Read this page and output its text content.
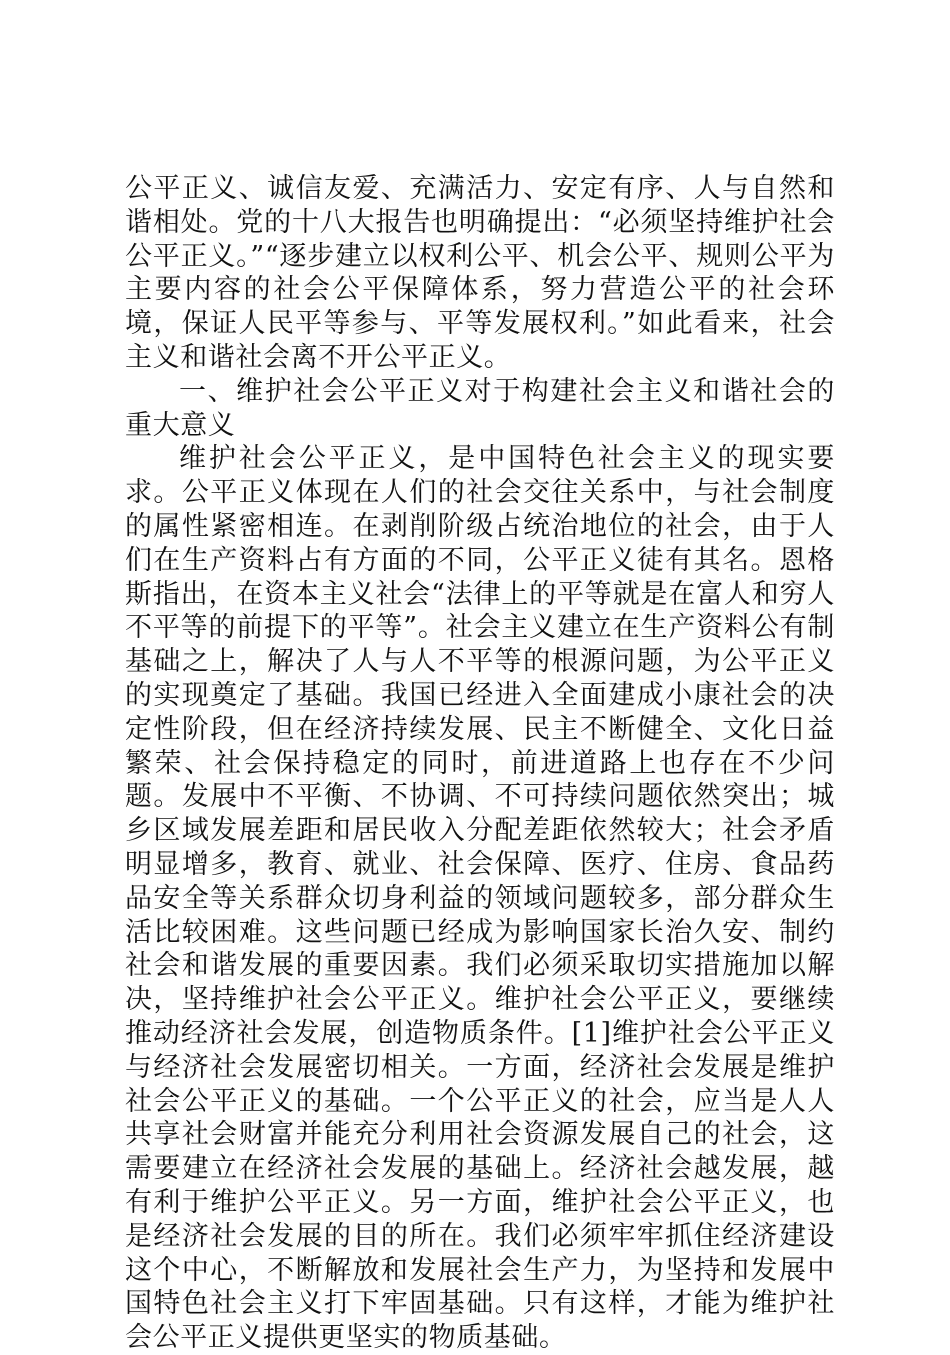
公平正义、诚信友爱、充满活力、安定有序、人与自然和谐相处。党的十八大报告也明确提出：“必须坚持维护社会公平正义。”“逐步建立以权利公平、机会公平、规则公平为主要内容的社会公平保障体系，努力营造公平的社会环境，保证人民平等参与、平等发展权利。”如此看来，社会主义和谐社会离不开公平正义。

一、维护社会公平正义对于构建社会主义和谐社会的重大意义

维护社会公平正义，是中国特色社会主义的现实要求。公平正义体现在人们的社会交往关系中，与社会制度的属性紧密相连。在剥削阶级占统治地位的社会，由于人们在生产资料占有方面的不同，公平正义徒有其名。恩格斯指出，在资本主义社会“法律上的平等就是在富人和穷人不平等的前提下的平等”。社会主义建立在生产资料公有制基础之上，解决了人与人不平等的根源问题，为公平正义的实现奠定了基础。我国已经进入全面建成小康社会的决定性阶段，但在经济持续发展、民主不断健全、文化日益繁荣、社会保持稳定的同时，前进道路上也存在不少问题。发展中不平衡、不协调、不可持续问题依然突出；城乡区域发展差距和居民收入分配差距依然较大；社会矛盾明显增多，教育、就业、社会保障、医疗、住房、食品药品安全等关系群众切身利益的领域问题较多，部分群众生活比较困难。这些问题已经成为影响国家长治久安、制约社会和谐发展的重要因素。我们必须采取切实措施加以解决，坚持维护社会公平正义。维护社会公平正义，要继续推动经济社会发展，创造物质条件。[1]维护社会公平正义与经济社会发展密切相关。一方面，经济社会发展是维护社会公平正义的基础。一个公平正义的社会，应当是人人共享社会财富并能充分利用社会资源发展自己的社会，这需要建立在经济社会发展的基础上。经济社会越发展，越有利于维护公平正义。另一方面，维护社会公平正义，也是经济社会发展的目的所在。我们必须牢牢抓住经济建设这个中心，不断解放和发展社会生产力，为坚持和发展中国特色社会主义打下牢固基础。只有这样，才能为维护社会公平正义提供更坚实的物质基础。
